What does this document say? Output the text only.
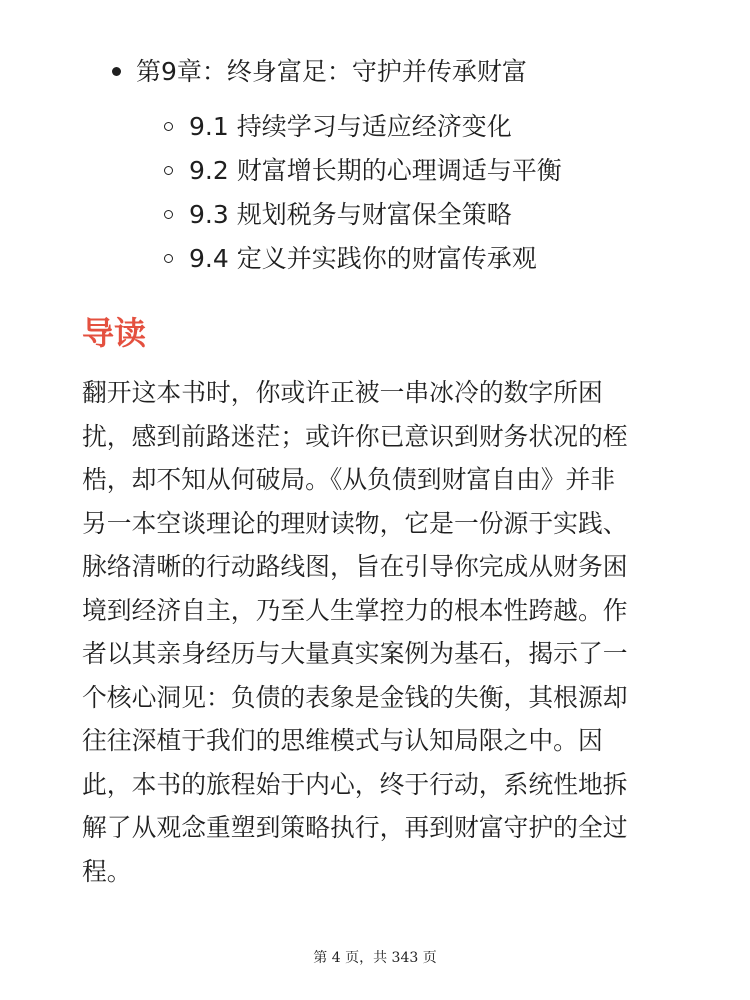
第9章：终身富足：守护并传承财富
9.1 持续学习与适应经济变化
9.2 财富增长期的心理调适与平衡
9.3 规划税务与财富保全策略
9.4 定义并实践你的财富传承观
导读

翻开这本书时，你或许正被一串冰冷的数字所困
扰，感到前路迷茫；或许你已意识到财务状况的桎
梏，却不知从何破局。《从负债到财富自由》并非
另一本空谈理论的理财读物，它是一份源于实践、
脉络清晰的行动路线图，旨在引导你完成从财务困
境到经济自主，乃至人生掌控力的根本性跨越。作
者以其亲身经历与大量真实案例为基石，揭示了一
个核心洞见：负债的表象是金钱的失衡，其根源却
往往深植于我们的思维模式与认知局限之中。因
此，本书的旅程始于内心，终于行动，系统性地拆
解了从观念重塑到策略执行，再到财富守护的全过
程。

第 4 页，共 343 页
